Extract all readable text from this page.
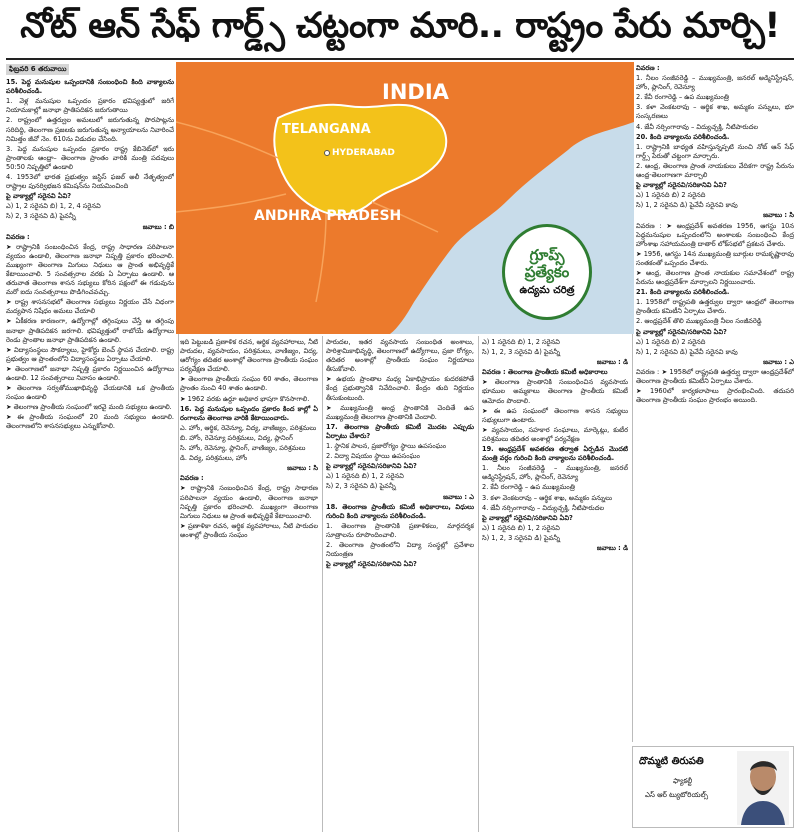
నోట్‌ ఆన్‌ సేఫ్‌ గార్డ్స్‌ చట్టంగా మారి.. రాష్ట్రం పేరు మార్చి!
ఫిబ్రవరి 6 తరువాయి

15. పెద్ద మనుషుల ఒప్పందానికి సంబంధించి కింది వాక్యాలను పరిశీలించండి.

1. వెళ్ల మనుషుల ఒప్పందం ప్రకారం భవిష్యత్తులో జరిగే నియామకాల్లో జనాభా ప్రాతిపదికన జరుగుతాయి

2. రాష్ట్రంలో ఉత్తర్వుల అమలులో జరుగుతున్న పొరపాట్లను సరిదిద్ది, తెలంగాణ ప్రజలకు జరుగుతున్న అన్యాయాలను నివారించే నిమిత్తం జీవో నెం. 610ను విడుదల చేసింది.

3. పెద్ద మనుషుల ఒప్పందం ప్రకారం రాష్ట్ర కేబినెట్‌లో ఇరు ప్రాంతాలకు ఆంధ్రా– తెలంగాణ ప్రాంతం వారికి మంత్రి పదవులు 50:50 నిష్పత్తిలో ఉండాలి

4. 1953లో భారత ప్రభుత్వం జస్టిస్‌ ఫజల్‌ అలీ నేతృత్వంలో రాష్ట్రాల పునర్విభజన కమిషన్‌ను నియమించింది

పై వాక్యాల్లో సరైనవి ఏవి?

ఎ) 1, 2 సరైనవి బి) 1, 2, 4 సరైనవి

సి) 2, 3 సరైనవి డి) పైవన్నీ

జవాబు : బి

వివరణ :

➤ రాష్ట్రానికి సంబంధించిన కేంద్ర, రాష్ట్ర సాధారణ పరిపాలనా వ్యయం ఉండాలి, తెలంగాణ జనాభా నిష్పత్తి ప్రకారం భరించాలి. ముఖ్యంగా తెలంగాణ మిగులు నిధులు ఆ ప్రాంత అభివృద్ధికే కేటాయించాలి. 5 సంవత్సరాల వరకు ఏ ఏర్పాటు ఉండాలి. ఆ తరువాత తెలంగాణ శాసన సభ్యులు కోరిన పక్షంలో ఈ గడువును మరో ఐదు సంవత్సరాలు పొడిగించవచ్చు.

➤ రాష్ట్ర శాసనసభలో తెలంగాణ సభ్యులు నిర్ణయం చేసే విధంగా మద్యపాన నిషేధం అమలు చేయాలి

➤ ఏకీకరణ కారణంగా, ఉద్యోగాల్లో తగ్గింపులు చేస్తే ఆ తగ్గింపు జనాభా ప్రాతిపదికన జరగాలి. భవిష్యత్తులో రాబోయే ఉద్యోగాలు రెండు ప్రాంతాల జనాభా ప్రాతిపదికన ఉండాలి.

➤ విద్యాసంస్థలు సౌకర్యాలు, హైకోర్టు బెంచ్‌ స్థాపన చేయాలి. రాష్ట్ర ప్రభుత్వం ఆ ప్రాంతంలోని విద్యాసంస్థలు ఏర్పాటు చేయాలి.

➤ తెలంగాణలో జనాభా నిష్పత్తి ప్రకారం నిర్ణయించిన ఉద్యోగాలు ఉండాలి. 12 సంవత్సరాలు నివాసం ఉండాలి.

➤ తెలంగాణ సర్వతోముఖాభివృద్ధి చేయడానికి ఒక ప్రాంతీయ సంఘం ఉండాలి

➤ తెలంగాణ ప్రాంతీయ సంఘంలో ఇరవై మంది సభ్యులు ఉండాలి.

➤ ఈ ప్రాంతీయ సంఘంలో 20 మంది సభ్యులు ఉండాలి. తెలంగాణలోని శాసనసభ్యులు ఎన్నుకోవాలి.

INDIA
TELANGANA
HYDERABAD
ANDHRA PRADESH
గ్రూప్స్‌
ప్రత్యేకం
ఉద్యమ చరిత్ర

ఇది పెట్టుబడి ప్రణాళిక రచన, ఆర్థిక వ్యవహారాలు, నీటి పారుదల, వ్యవసాయం, పరిశ్రమలు, వాణిజ్యం, విద్య, ఆరోగ్యం తదితర అంశాల్లో తెలంగాణ ప్రాంతీయ సంఘం పర్యవేక్షణ చేయాలి.

➤ తెలంగాణ ప్రాంతీయ సంఘం 60 శాతం, తెలంగాణ ప్రాంతం నుంచి 40 శాతం ఉండాలి.

➤ 1962 వరకు ఉర్దూ అధికార భాషగా కొనసాగాలి.

16. పెద్ద మనుషుల ఒప్పందం ప్రకారం కింద కాల్లో ఏ రంగాలను తెలంగాణ వారికి కేటాయించారు.

ఎ. హోం, ఆర్థిక, రెవెన్యూ, విద్య, వాణిజ్యం, పరిశ్రమలు

బి. హోం, రెవెన్యూ పరిశ్రమలు, విద్య, ప్లానింగ్‌

సి. హోం, రెవెన్యూ, ప్లానింగ్‌, వాణిజ్యం, పరిశ్రమలు

డి. విద్య, పరిశ్రమలు, హోం

జవాబు : సి

వివరణ :

➤ రాష్ట్రానికి సంబంధించిన కేంద్ర, రాష్ట్ర సాధారణ పరిపాలనా వ్యయం ఉండాలి, తెలంగాణ జనాభా నిష్పత్తి ప్రకారం భరించాలి. ముఖ్యంగా తెలంగాణ మిగులు నిధులు ఆ ప్రాంత అభివృద్ధికే కేటాయించాలి.

➤ ప్రణాళికా రచన, ఆర్థిక వ్యవహారాలు, నీటి పారుదల అంశాల్లో ప్రాంతీయ సంఘం

పారుదల, ఇతర వ్యవసాయ సంబంధిత అంశాలు, పారిశ్రామికాభివృద్ధి, తెలంగాణలో ఉద్యోగాలు, ప్రజా రోగ్యం, తదితర అంశాల్లో ప్రాంతీయ సంఘం నిర్ణయాలు తీసుకోవాలి.

➤ ఉభయ ప్రాంతాల మధ్య ఏకాభిప్రాయం కుదరకపోతే కేంద్ర ప్రభుత్వానికి నివేదించాలి. కేంద్రం తుది నిర్ణయం తీసుకుంటుంది.

➤ ముఖ్యమంత్రి ఆంధ్ర ప్రాంతానికి చెందితే ఉప ముఖ్యమంత్రి తెలంగాణ ప్రాంతానికి చెందాలి.

17. తెలంగాణ ప్రాంతీయ కమిటీ మొదట ఎప్పుడు ఏర్పాటు చేశారు?

1. స్థానిక పాలన, ప్రజారోగ్యం స్థాయి ఉపసంఘం

2. విద్యా విషయం స్థాయి ఉపసంఘం

పై వాక్యాల్లో సరైనవి/సరికానివి ఏవి?

ఎ) 1 సరైనది బి) 1, 2 సరైనవి

సి) 2, 3 సరైనవి డి) పైవన్నీ

జవాబు : ఎ

18. తెలంగాణ ప్రాంతీయ కమిటీ అధికారాలు, విధులు గురించి కింది వాక్యాలను పరిశీలించండి.

1. తెలంగాణ ప్రాంతానికి ప్రణాళికలు, మార్గదర్శక సూత్రాలను రూపొందించాలి.

2. తెలంగాణ ప్రాంతంలోని విద్యా సంస్థల్లో ప్రవేశాల నియంత్రణ

పై వాక్యాల్లో సరైనవి/సరికానివి ఏవి?

ఎ) 1 సరైనది బి) 1, 2 సరైనవి

సి) 1, 2, 3 సరైనవి డి) పైవన్నీ

జవాబు : డి

వివరణ : తెలంగాణ ప్రాంతీయ కమిటీ అధికారాలు

➤ తెలంగాణ ప్రాంతానికి సంబంధించిన వ్యవసాయ భూముల అమ్మకాలు తెలంగాణ ప్రాంతీయ కమిటీ ఆమోదం పొందాలి.

➤ ఈ ఉప సంఘంలో తెలంగాణ శాసన సభ్యులు సభ్యులుగా ఉంటారు.

➤ వ్యవసాయం, సహకార సంఘాలు, మార్కెట్లు, కుటీర పరిశ్రమలు తదితర అంశాల్లో పర్యవేక్షణ

19. ఆంధ్రప్రదేశ్‌ అవతరణ తర్వాత ఏర్పడిన మొదటి మంత్రి వర్గం గురించి కింది వాక్యాలను పరిశీలించండి.

1. నీలం సంజీవరెడ్డి – ముఖ్యమంత్రి, జనరల్‌ అడ్మినిస్ట్రేషన్‌, హోం, ప్లానింగ్‌, రెవెన్యూ

2. కేవీ రంగారెడ్డి – ఉప ముఖ్యమంత్రి

3. కళా వెంకటరావు – ఆర్థిక శాఖ, అమ్మకం పన్నులు

4. జేవీ నర్సింగారావు – విద్యుచ్ఛక్తి, నీటిపారుదల

పై వాక్యాల్లో సరైనవి/సరికానివి ఏవి?

ఎ) 1 సరైనది బి) 1, 2 సరైనవి

సి) 1, 2, 3 సరైనవి డి) పైవన్నీ

జవాబు : డి

వివరణ :

1. నీలం సంజీవరెడ్డి – ముఖ్యమంత్రి, జనరల్‌ అడ్మినిస్ట్రేషన్‌, హోం, ప్లానింగ్‌, రెవెన్యూ

2. కేవీ రంగారెడ్డి – ఉప ముఖ్యమంత్రి

3. కళా వెంకటరావు – ఆర్థిక శాఖ, అమ్మకం పన్నులు, భూ సంస్కరణలు

4. జేవీ నర్సింగారావు – విద్యుచ్ఛక్తి, నీటిపారుదల

20. కింది వాక్యాలను పరిశీలించండి.

1. రాష్ట్రానికి బాధ్యత వహిస్తున్నప్పటి నుంచి నోట్‌ ఆన్‌ సేఫ్‌ గార్డ్స్‌ పేరుతో చట్టంగా మార్చారు.

2. ఆంధ్ర, తెలంగాణ ప్రాంత నాయకులు వేదికగా రాష్ట్ర పేరును ఆంధ్ర-తెలంగాణగా మార్చాలి

పై వాక్యాల్లో సరైనవి/సరికానివి ఏవి?

ఎ) 1 సరైనది బి) 2 సరైనది

సి) 1, 2 సరైనవి డి) పైవేవీ సరైనవి కావు

జవాబు : సి

వివరణ : ➤ ఆంధ్రప్రదేశ్‌ అవతరణ 1956, ఆగస్టు 10న పెద్దమనుషుల ఒప్పందంలోని అంశాలకు సంబంధించి కేంద్ర హోంశాఖ సహాయమంత్రి దాతార్‌ లోక్‌సభలో ప్రకటన చేశారు.

➤ 1956, ఆగస్టు 14న ముఖ్యమంత్రి బూర్గుల రామకృష్ణారావు సంతకంతో ఒప్పందం చేశారు.

➤ ఆంధ్ర, తెలంగాణ ప్రాంత నాయకుల సమావేశంలో రాష్ట్ర పేరును ఆంధ్రప్రదేశ్‌గా మార్చాలని నిర్ణయించారు.

21. కింది వాక్యాలను పరిశీలించండి.

1. 1958లో రాష్ట్రపతి ఉత్తర్వుల ద్వారా ఆంధ్రలో తెలంగాణ ప్రాంతీయ కమిటీని ఏర్పాటు చేశారు.

2. ఆంధ్రప్రదేశ్‌ తొలి ముఖ్యమంత్రి నీలం సంజీవరెడ్డి

పై వాక్యాల్లో సరైనవి/సరికానివి ఏవి?

ఎ) 1 సరైనది బి) 2 సరైనది

సి) 1, 2 సరైనవి డి) పైవేవీ సరైనవి కావు

జవాబు : ఎ

వివరణ : ➤ 1958లో రాష్ట్రపతి ఉత్తర్వు ద్వారా ఆంధ్రప్రదేశ్‌లో తెలంగాణ ప్రాంతీయ కమిటీని ఏర్పాటు చేశారు.

➤ 1960లో కార్యకలాపాలు ప్రారంభించింది. తదుపరి తెలంగాణ ప్రాంతీయ సంఘం ప్రారంభం అయింది.

దొమ్మటి తిరుపతి
ఫ్యాకల్టీ
ఎస్‌ ఆర్‌ ట్యుటోరియల్స్‌
